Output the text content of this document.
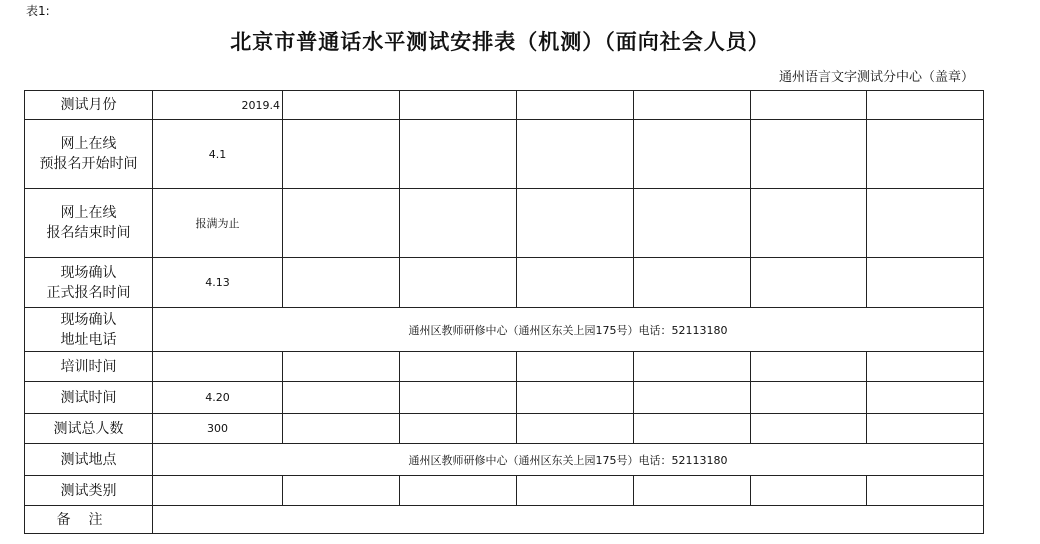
表1:
北京市普通话水平测试安排表（机测）（面向社会人员）
通州语言文字测试分中心（盖章）
测试月份	2019.4						
网上在线
预报名开始时间	4.1						
网上在线
报名结束时间	报满为止						
现场确认
正式报名时间	4.13						
现场确认
地址电话	通州区教师研修中心（通州区东关上园175号）电话：52113180						
培训时间							
测试时间	4.20						
测试总人数	300						
测试地点	通州区教师研修中心（通州区东关上园175号）电话：52113180						
测试类别							
备注							
